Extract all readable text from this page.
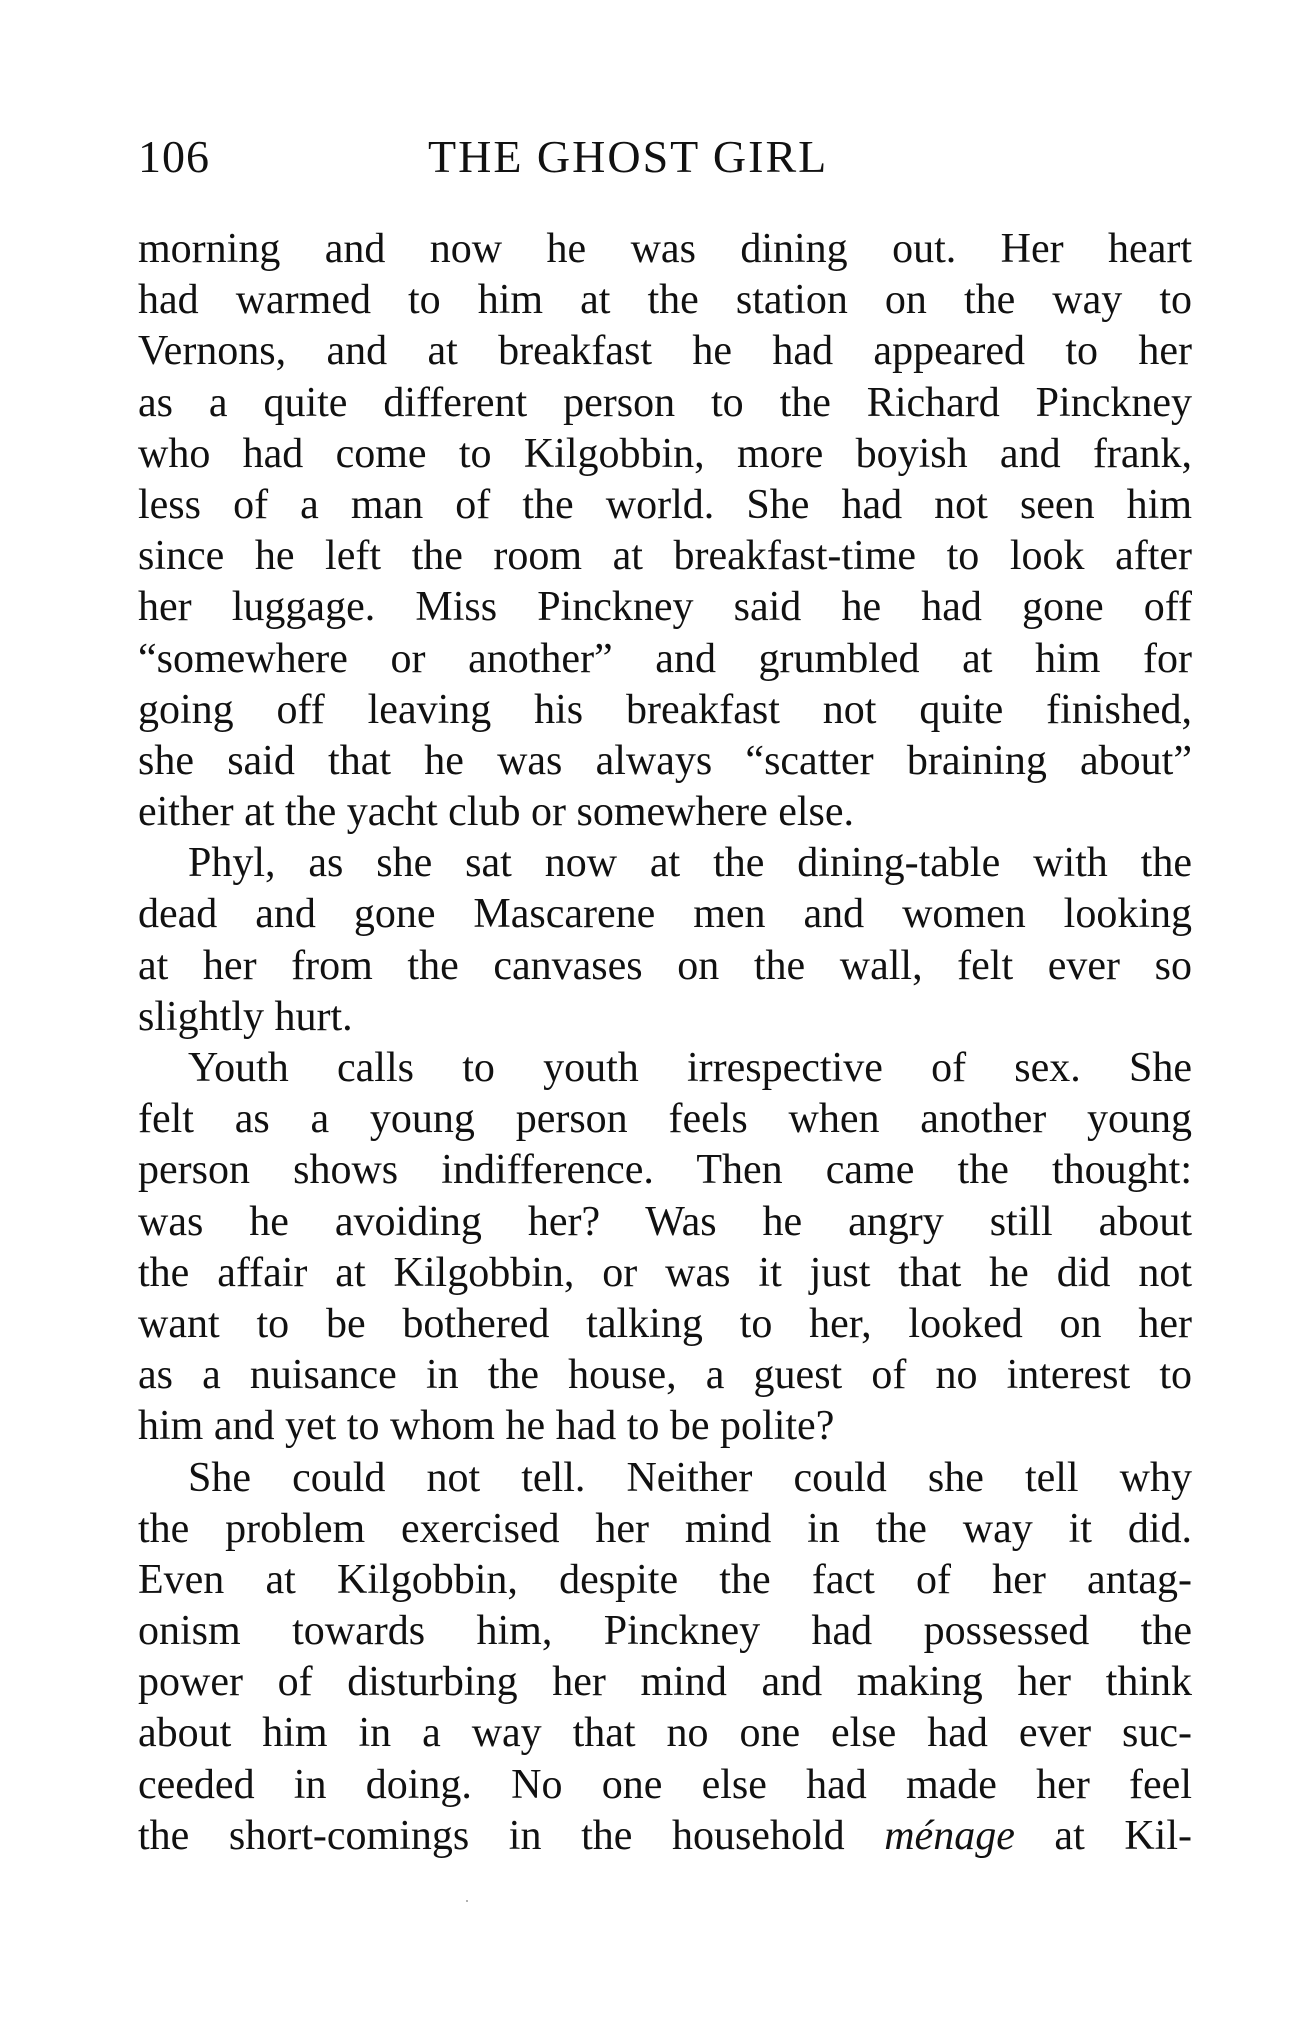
106	THE GHOST GIRL
morning and now he was dining out. Her heart
had warmed to him at the station on the way to
Vernons, and at breakfast he had appeared to her
as a quite different person to the Richard Pinckney
who had come to Kilgobbin, more boyish and frank,
less of a man of the world. She had not seen him
since he left the room at breakfast-time to look after
her luggage. Miss Pinckney said he had gone off
“somewhere or another” and grumbled at him for
going off leaving his breakfast not quite finished,
she said that he was always “scatter braining about”
either at the yacht club or somewhere else.
Phyl, as she sat now at the dining-table with the
dead and gone Mascarene men and women looking
at her from the canvases on the wall, felt ever so
slightly hurt.
Youth calls to youth irrespective of sex. She
felt as a young person feels when another young
person shows indifference. Then came the thought:
was he avoiding her? Was he angry still about
the affair at Kilgobbin, or was it just that he did not
want to be bothered talking to her, looked on her
as a nuisance in the house, a guest of no interest to
him and yet to whom he had to be polite?
She could not tell. Neither could she tell why
the problem exercised her mind in the way it did.
Even at Kilgobbin, despite the fact of her antag-
onism towards him, Pinckney had possessed the
power of disturbing her mind and making her think
about him in a way that no one else had ever suc-
ceeded in doing. No one else had made her feel
the short-comings in the household ménage at Kil-
